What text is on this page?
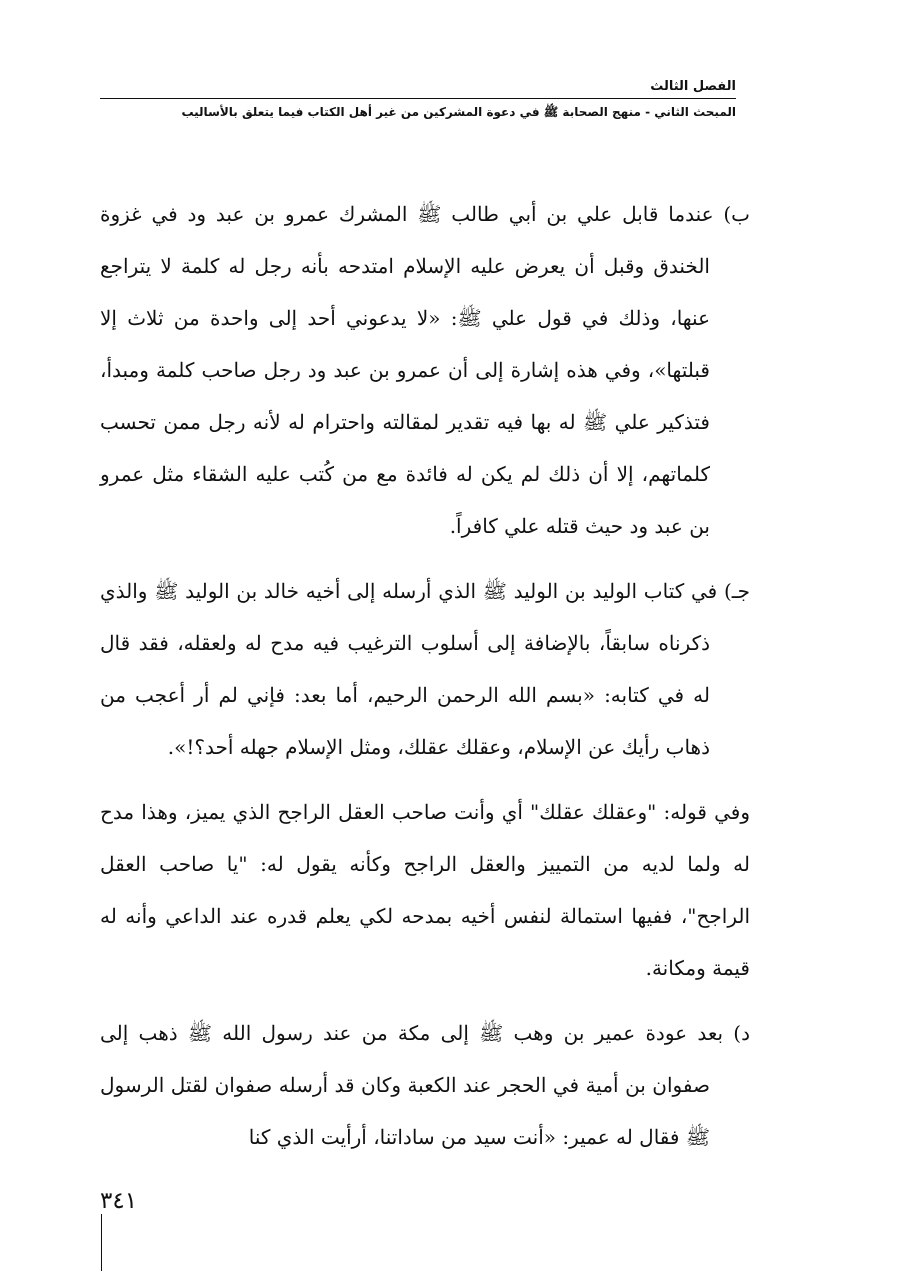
الفصل الثالث
المبحث الثاني - منهج الصحابة ﷺ في دعوة المشركين من غير أهل الكتاب فيما يتعلق بالأساليب

ب) عندما قابل علي بن أبي طالب ﷺ المشرك عمرو بن عبد ود في غزوة الخندق وقبل أن يعرض عليه الإسلام امتدحه بأنه رجل له كلمة لا يتراجع عنها، وذلك في قول علي ﷺ: «لا يدعوني أحد إلى واحدة من ثلاث إلا قبلتها»، وفي هذه إشارة إلى أن عمرو بن عبد ود رجل صاحب كلمة ومبدأ، فتذكير علي ﷺ له بها فيه تقدير لمقالته واحترام له لأنه رجل ممن تحسب كلماتهم، إلا أن ذلك لم يكن له فائدة مع من كُتب عليه الشقاء مثل عمرو بن عبد ود حيث قتله علي كافراً.

جـ) في كتاب الوليد بن الوليد ﷺ الذي أرسله إلى أخيه خالد بن الوليد ﷺ والذي ذكرناه سابقاً، بالإضافة إلى أسلوب الترغيب فيه مدح له ولعقله، فقد قال له في كتابه: «بسم الله الرحمن الرحيم، أما بعد: فإني لم أر أعجب من ذهاب رأيك عن الإسلام، وعقلك عقلك، ومثل الإسلام جهله أحد؟!».

وفي قوله: "وعقلك عقلك" أي وأنت صاحب العقل الراجح الذي يميز، وهذا مدح له ولما لديه من التمييز والعقل الراجح وكأنه يقول له: "يا صاحب العقل الراجح"، ففيها استمالة لنفس أخيه بمدحه لكي يعلم قدره عند الداعي وأنه له قيمة ومكانة.

د) بعد عودة عمير بن وهب ﷺ إلى مكة من عند رسول الله ﷺ ذهب إلى صفوان بن أمية في الحجر عند الكعبة وكان قد أرسله صفوان لقتل الرسول ﷺ فقال له عمير: «أنت سيد من ساداتنا، أرأيت الذي كنا

٣٤١
